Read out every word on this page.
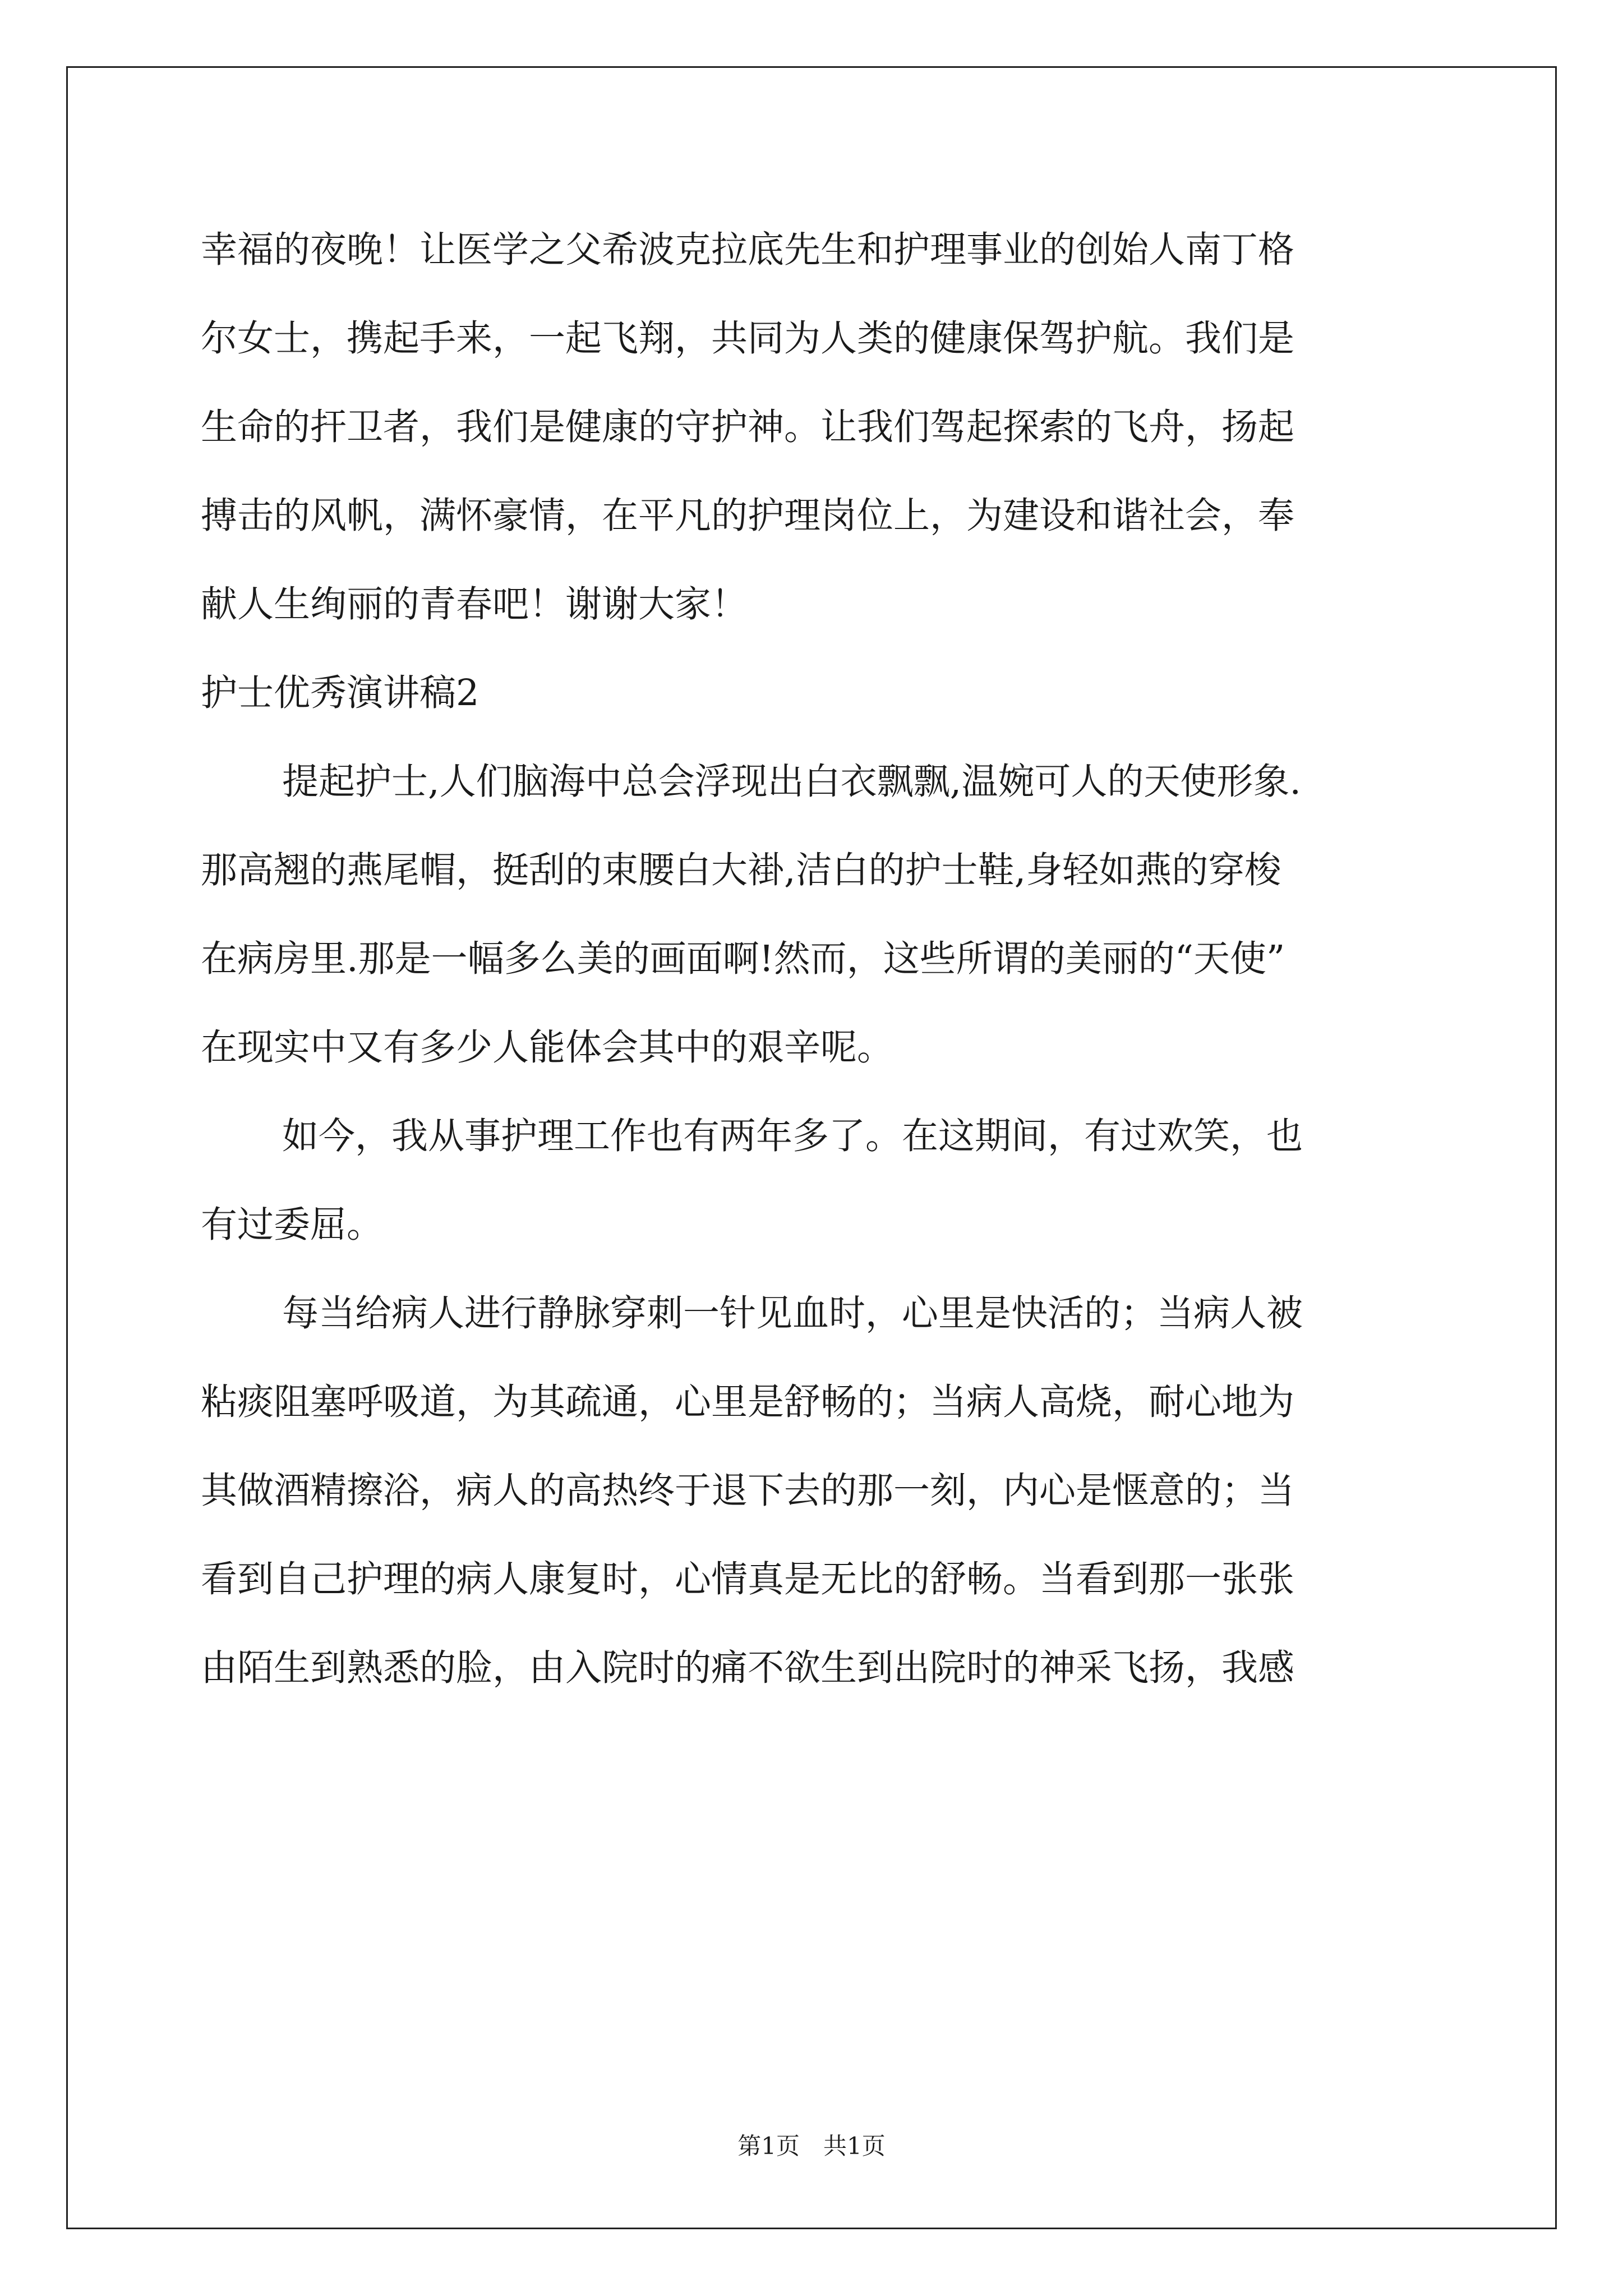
幸福的夜晚！让医学之父希波克拉底先生和护理事业的创始人南丁格
尔女士，携起手来，一起飞翔，共同为人类的健康保驾护航。我们是
生命的扞卫者，我们是健康的守护神。让我们驾起探索的飞舟，扬起
搏击的风帆，满怀豪情，在平凡的护理岗位上，为建设和谐社会，奉
献人生绚丽的青春吧！谢谢大家！
护士优秀演讲稿2
提起护士,人们脑海中总会浮现出白衣飘飘,温婉可人的天使形象.
那高翘的燕尾帽，挺刮的束腰白大褂,洁白的护士鞋,身轻如燕的穿梭
在病房里.那是一幅多么美的画面啊!然而，这些所谓的美丽的“天使”
在现实中又有多少人能体会其中的艰辛呢。
如今，我从事护理工作也有两年多了。在这期间，有过欢笑，也
有过委屈。
每当给病人进行静脉穿刺一针见血时，心里是快活的；当病人被
粘痰阻塞呼吸道，为其疏通，心里是舒畅的；当病人高烧，耐心地为
其做酒精擦浴，病人的高热终于退下去的那一刻，内心是惬意的；当
看到自己护理的病人康复时，心情真是无比的舒畅。当看到那一张张
由陌生到熟悉的脸，由入院时的痛不欲生到出院时的神采飞扬，我感
第1页　共1页
